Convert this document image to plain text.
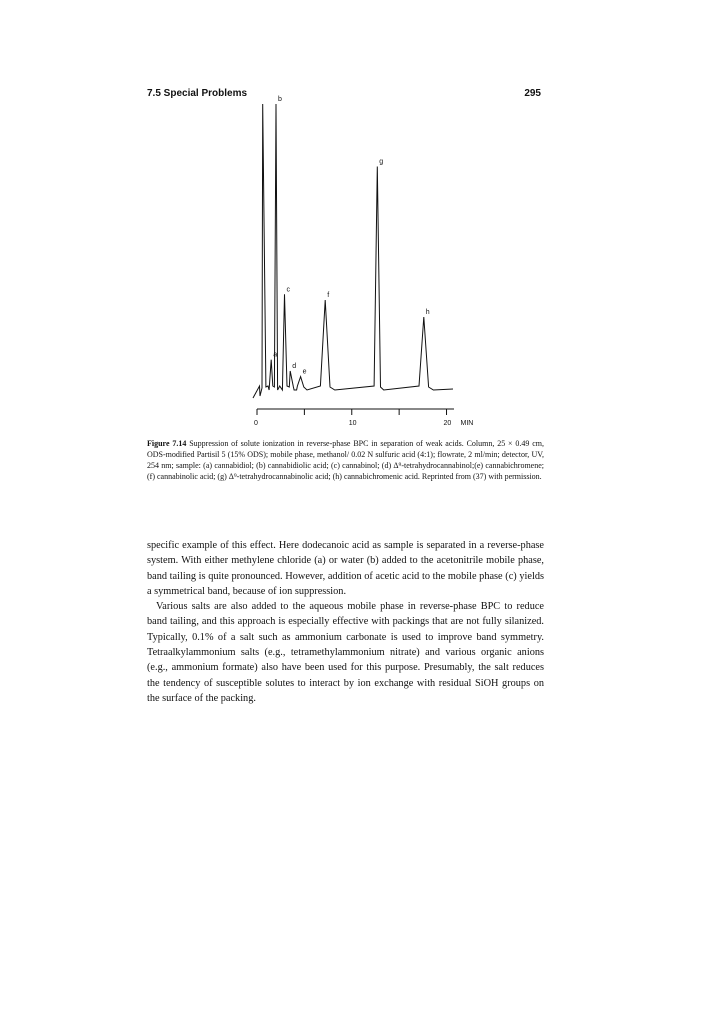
7.5 Special Problems	295
a
b
c
d
e
f
g
h
0	10	20 MIN
Figure 7.14 Suppression of solute ionization in reverse-phase BPC in separation of weak acids. Column, 25 × 0.49 cm, ODS-modified Partisil 5 (15% ODS); mobile phase, methanol/ 0.02 N sulfuric acid (4:1); flowrate, 2 ml/min; detector, UV, 254 nm; sample: (a) cannabidiol; (b) cannabidiolic acid; (c) cannabinol; (d) Δ⁹-tetrahydrocannabinol;(e) cannabichromene; (f) cannabinolic acid; (g) Δ⁹-tetrahydrocannabinolic acid; (h) cannabichromenic acid. Reprinted from (37) with permission.

specific example of this effect. Here dodecanoic acid as sample is separated in a reverse-phase system. With either methylene chloride (a) or water (b) added to the acetonitrile mobile phase, band tailing is quite pronounced. However, addition of acetic acid to the mobile phase (c) yields a symmetrical band, because of ion suppression.

Various salts are also added to the aqueous mobile phase in reverse-phase BPC to reduce band tailing, and this approach is especially effective with packings that are not fully silanized. Typically, 0.1% of a salt such as ammonium carbonate is used to improve band symmetry. Tetraalkylammonium salts (e.g., tetramethylammonium nitrate) and various organic anions (e.g., ammonium formate) also have been used for this purpose. Presumably, the salt reduces the tendency of susceptible solutes to interact by ion exchange with residual SiOH groups on the surface of the packing.
